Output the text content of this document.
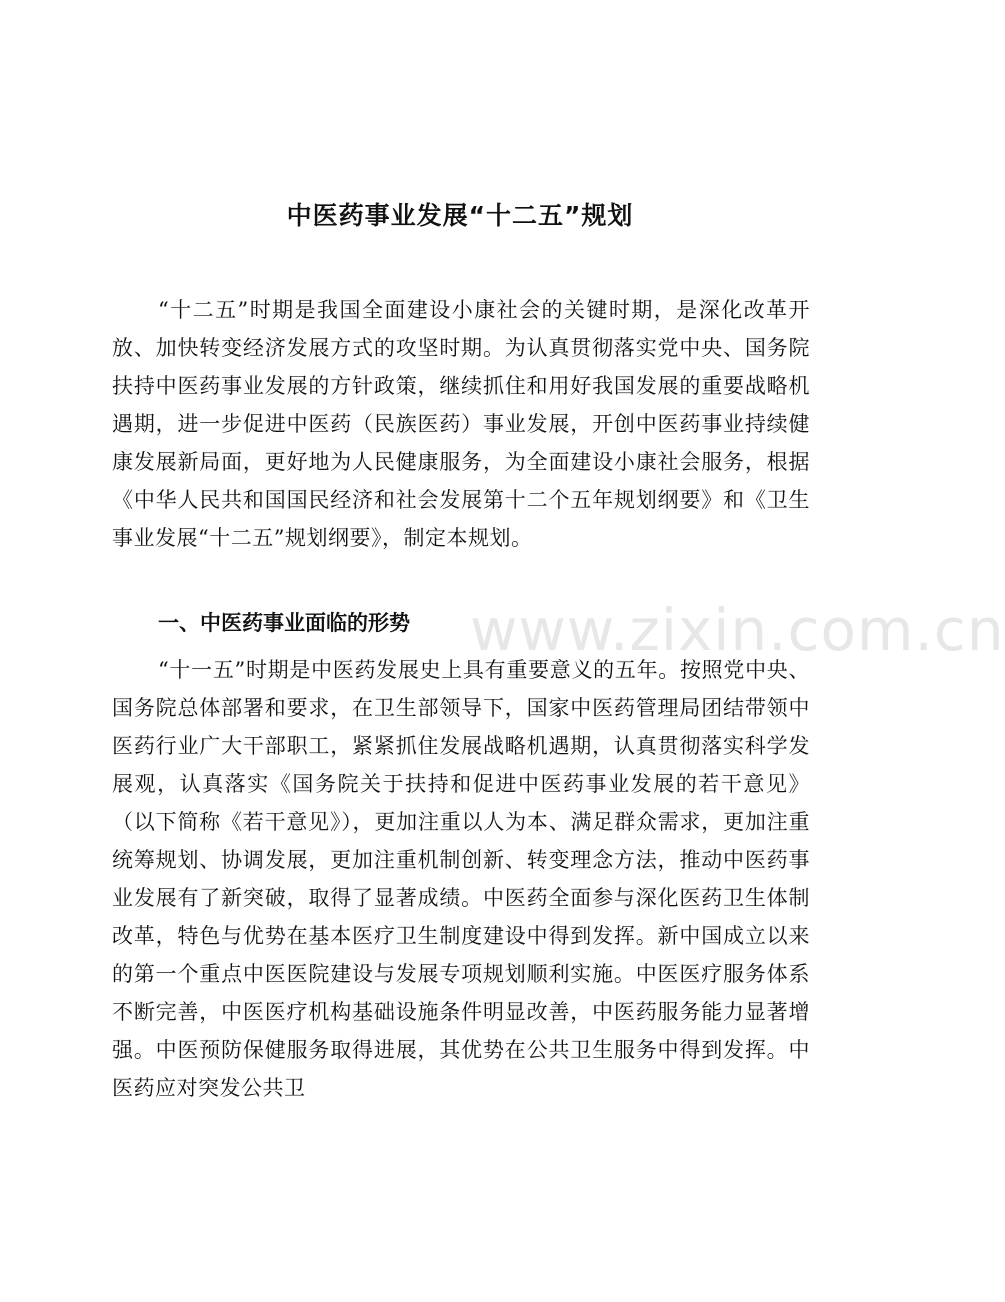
中医药事业发展“十二五”规划

“十二五”时期是我国全面建设小康社会的关键时期，是深化改革开放、加快转变经济发展方式的攻坚时期。为认真贯彻落实党中央、国务院扶持中医药事业发展的方针政策，继续抓住和用好我国发展的重要战略机遇期，进一步促进中医药（民族医药）事业发展，开创中医药事业持续健康发展新局面，更好地为人民健康服务，为全面建设小康社会服务，根据《中华人民共和国国民经济和社会发展第十二个五年规划纲要》和《卫生事业发展“十二五”规划纲要》，制定本规划。

一、中医药事业面临的形势

“十一五”时期是中医药发展史上具有重要意义的五年。按照党中央、国务院总体部署和要求，在卫生部领导下，国家中医药管理局团结带领中医药行业广大干部职工，紧紧抓住发展战略机遇期，认真贯彻落实科学发展观，认真落实《国务院关于扶持和促进中医药事业发展的若干意见》（以下简称《若干意见》），更加注重以人为本、满足群众需求，更加注重统筹规划、协调发展，更加注重机制创新、转变理念方法，推动中医药事业发展有了新突破，取得了显著成绩。中医药全面参与深化医药卫生体制改革，特色与优势在基本医疗卫生制度建设中得到发挥。新中国成立以来的第一个重点中医医院建设与发展专项规划顺利实施。中医医疗服务体系不断完善，中医医疗机构基础设施条件明显改善，中医药服务能力显著增强。中医预防保健服务取得进展，其优势在公共卫生服务中得到发挥。中医药应对突发公共卫

www.zixin.com.cn
